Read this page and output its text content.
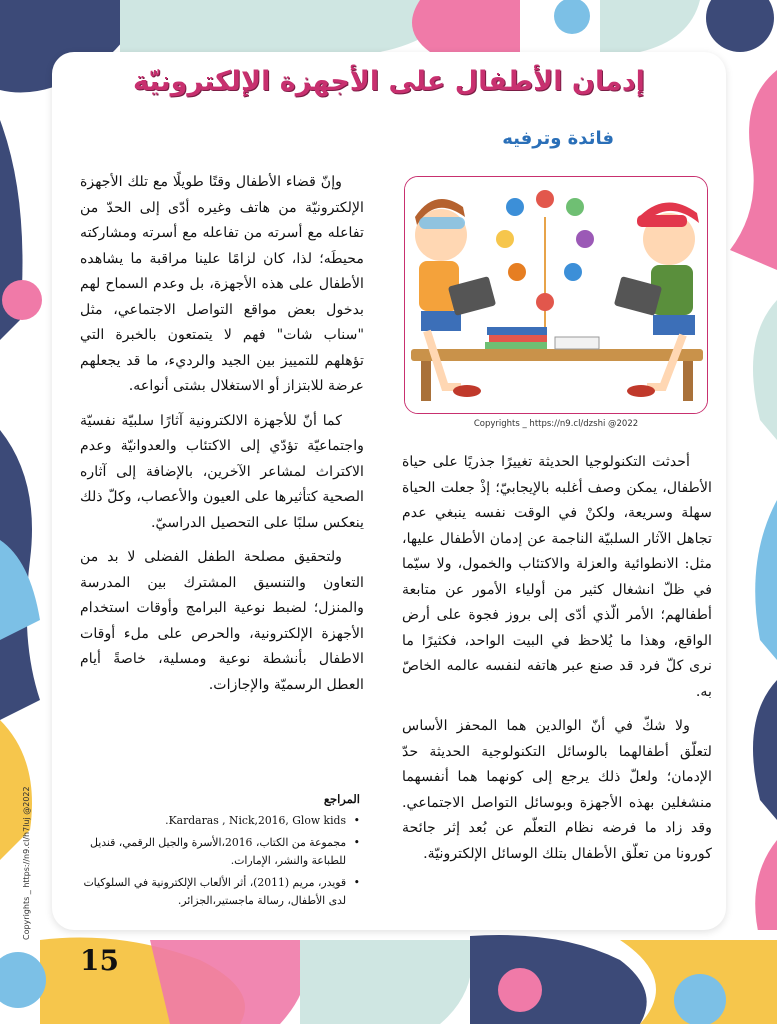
إدمان الأطفال على الأجهزة الإلكترونيّة
فائدة وترفيه
Copyrights _ https://n9.cl/dzshi @2022

وإنّ قضاء الأطفال وقتًا طويلًا مع تلك الأجهزة الإلكترونيّة من هاتف وغيره أدّى إلى الحدّ من تفاعله مع أسرته من تفاعله مع أسرته ومشاركته محيطَه؛ لذا، كان لزامًا علينا مراقبة ما يشاهده الأطفال على هذه الأجهزة، بل وعدم السماح لهم بدخول بعض مواقع التواصل الاجتماعي، مثل "سناب شات" فهم لا يتمتعون بالخبرة التي تؤهلهم للتمييز بين الجيد والرديء، ما قد يجعلهم عرضة للابتزاز أو الاستغلال بشتى أنواعه.

كما أنّ للأجهزة الالكترونية آثارًا سلبيّة نفسيّة واجتماعيّة تؤدّي إلى الاكتئاب والعدوانيّة وعدم الاكتراث لمشاعر الآخرين، بالإضافة إلى آثاره الصحية كتأثيرها على العيون والأعصاب، وكلّ ذلك ينعكس سلبًا على التحصيل الدراسيّ.

ولتحقيق مصلحة الطفل الفضلى لا بد من التعاون والتنسيق المشترك بين المدرسة والمنزل؛ لضبط نوعية البرامج وأوقات استخدام الأجهزة الإلكترونية، والحرص على ملء أوقات الاطفال بأنشطة نوعية ومسلية، خاصةً أيام العطل الرسميّة والإجازات.

أحدثت التكنولوجيا الحديثة تغييرًا جذريًا على حياة الأطفال، يمكن وصف أغلبه بالإيجابيّ؛ إذْ جعلت الحياة سهلة وسريعة، ولكنْ في الوقت نفسه ينبغي عدم تجاهل الآثار السلبيّة الناجمة عن إدمان الأطفال عليها، مثل: الانطوائية والعزلة والاكتئاب والخمول، ولا سيّما في ظلّ انشغال كثير من أولياء الأمور عن متابعة أطفالهم؛ الأمر الّذي أدّى إلى بروز فجوة على أرض الواقع، وهذا ما يُلاحظ في البيت الواحد، فكثيرًا ما نرى كلّ فرد قد صنع عبر هاتفه لنفسه عالمه الخاصّ به.

ولا شكّ في أنّ الوالدين هما المحفز الأساس لتعلّق أطفالهما بالوسائل التكنولوجية الحديثة حدّ الإدمان؛ ولعلّ ذلك يرجع إلى كونهما هما أنفسهما منشغلين بهذه الأجهزة وبوسائل التواصل الاجتماعي. وقد زاد ما فرضه نظام التعلّم عن بُعد إثر جائحة كورونا من تعلّق الأطفال بتلك الوسائل الإلكترونيّة.

المراجع
• Kardaras , Nick,2016, Glow kids.
• مجموعة من الكتاب، 2016،الأسرة والجيل الرقمي، قنديل للطباعة والنشر، الإمارات.
• قويدر، مريم (2011)، أثر الألعاب الإلكترونية في السلوكيات لدى الأطفال، رسالة ماجستير،الجزائر.
Copyrights _ https://n9.cl/h7luj @2022
15
